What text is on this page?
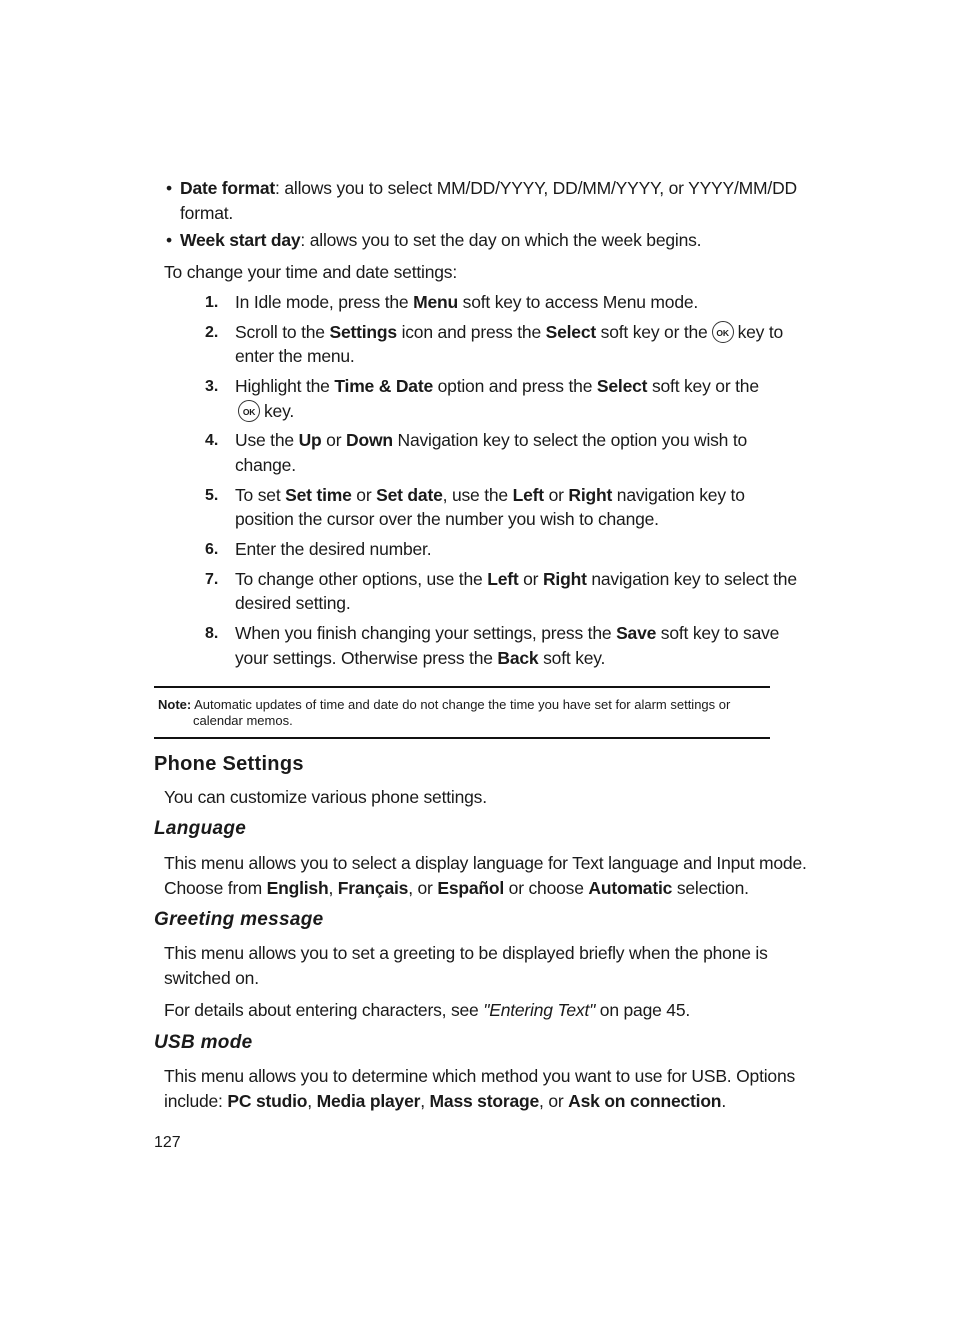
• Date format: allows you to select MM/DD/YYYY, DD/MM/YYYY, or YYYY/MM/DD
format.
• Week start day: allows you to set the day on which the week begins.
To change your time and date settings:
1. In Idle mode, press the Menu soft key to access Menu mode.
2. Scroll to the Settings icon and press the Select soft key or the OK key to
enter the menu.
3. Highlight the Time & Date option and press the Select soft key or the
OK key.
4. Use the Up or Down Navigation key to select the option you wish to
change.
5. To set Set time or Set date, use the Left or Right navigation key to
position the cursor over the number you wish to change.
6. Enter the desired number.
7. To change other options, use the Left or Right navigation key to select the
desired setting.
8. When you finish changing your settings, press the Save soft key to save
your settings. Otherwise press the Back soft key.
Note: Automatic updates of time and date do not change the time you have set for alarm settings or
calendar memos.
Phone Settings
You can customize various phone settings.
Language
This menu allows you to select a display language for Text language and Input mode.
Choose from English, Français, or Español or choose Automatic selection.
Greeting message
This menu allows you to set a greeting to be displayed briefly when the phone is
switched on.
For details about entering characters, see "Entering Text" on page 45.
USB mode
This menu allows you to determine which method you want to use for USB. Options
include: PC studio, Media player, Mass storage, or Ask on connection.
127
